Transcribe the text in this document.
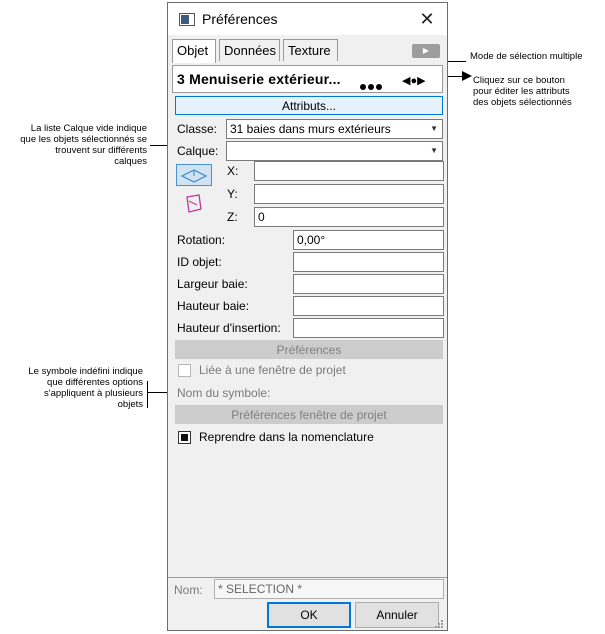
Mode de sélection multiple
Cliquez sur ce bouton
pour éditer les attributs
des objets sélectionnés
La liste Calque vide indique
que les objets sélectionnés se
trouvent sur différents
calques
Le symbole indéfini indique
que différentes options
s'appliquent à plusieurs
objets
Préférences	✕
Objet	Données Texture	▶
3 Menuiserie extérieur...	◀●▶
Attributs...
Classe:	31 baies dans murs extérieurs	▼
Calque:	▼
X:
Y:
Z:	0
Rotation:	0,00°
ID objet:
Largeur baie:
Hauteur baie:
Hauteur d'insertion:
Préférences
Liée à une fenêtre de projet
Nom du symbole:
Préférences fenêtre de projet
Reprendre dans la nomenclature
Nom:	* SELECTION *
OK	Annuler
